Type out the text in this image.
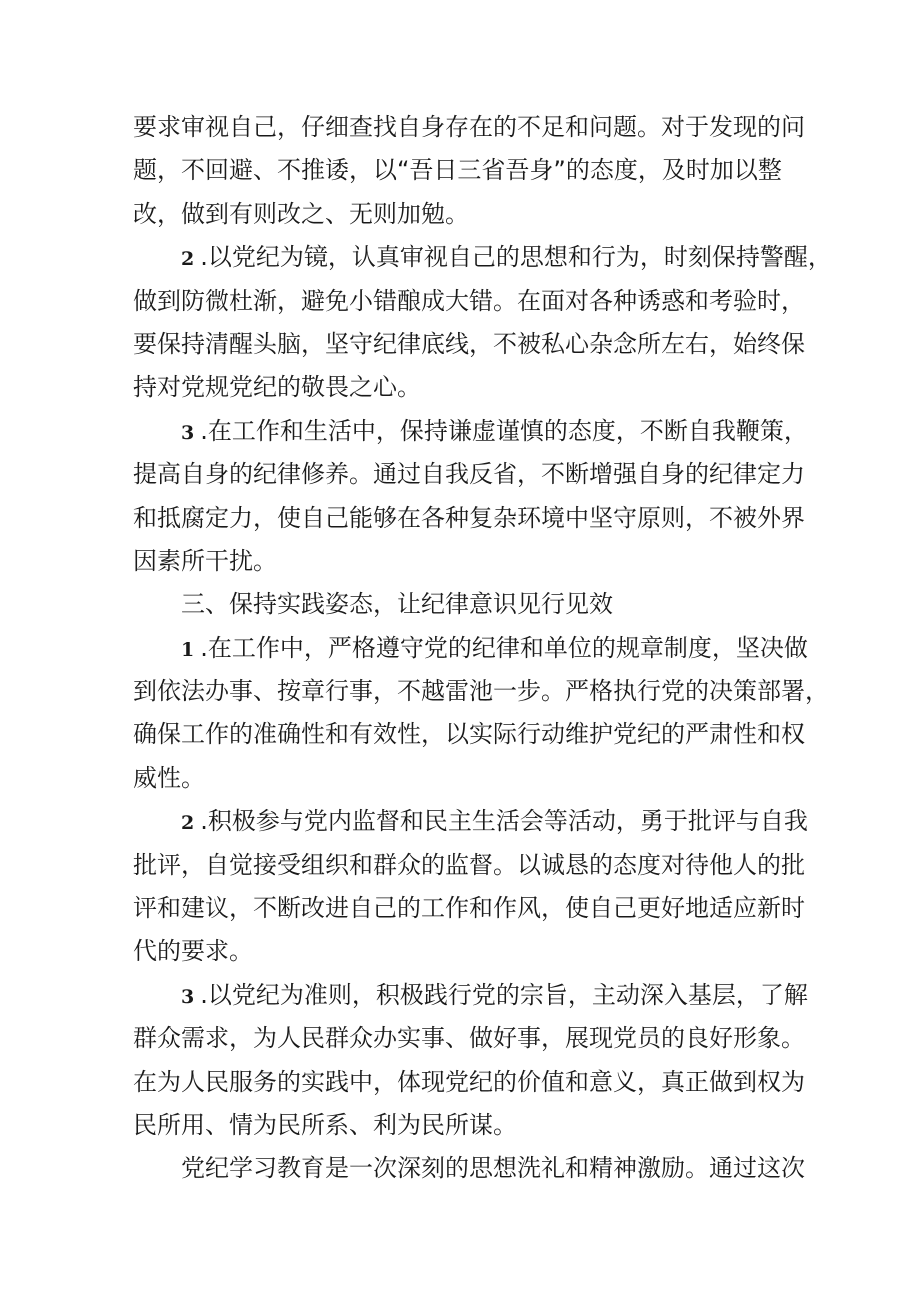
要求审视自己，仔细查找自身存在的不足和问题。对于发现的问
题，不回避、不推诿，以“吾日三省吾身”的态度，及时加以整
改，做到有则改之、无则加勉。
2 .以党纪为镜，认真审视自己的思想和行为，时刻保持警醒，
做到防微杜渐，避免小错酿成大错。在面对各种诱惑和考验时，
要保持清醒头脑，坚守纪律底线，不被私心杂念所左右，始终保
持对党规党纪的敬畏之心。
3 .在工作和生活中，保持谦虚谨慎的态度，不断自我鞭策，
提高自身的纪律修养。通过自我反省，不断增强自身的纪律定力
和抵腐定力，使自己能够在各种复杂环境中坚守原则，不被外界
因素所干扰。
三、保持实践姿态，让纪律意识见行见效
1 .在工作中，严格遵守党的纪律和单位的规章制度，坚决做
到依法办事、按章行事，不越雷池一步。严格执行党的决策部署，
确保工作的准确性和有效性，以实际行动维护党纪的严肃性和权
威性。
2 .积极参与党内监督和民主生活会等活动，勇于批评与自我
批评，自觉接受组织和群众的监督。以诚恳的态度对待他人的批
评和建议，不断改进自己的工作和作风，使自己更好地适应新时
代的要求。
3 .以党纪为准则，积极践行党的宗旨，主动深入基层，了解
群众需求，为人民群众办实事、做好事，展现党员的良好形象。
在为人民服务的实践中，体现党纪的价值和意义，真正做到权为
民所用、情为民所系、利为民所谋。
党纪学习教育是一次深刻的思想洗礼和精神激励。通过这次
